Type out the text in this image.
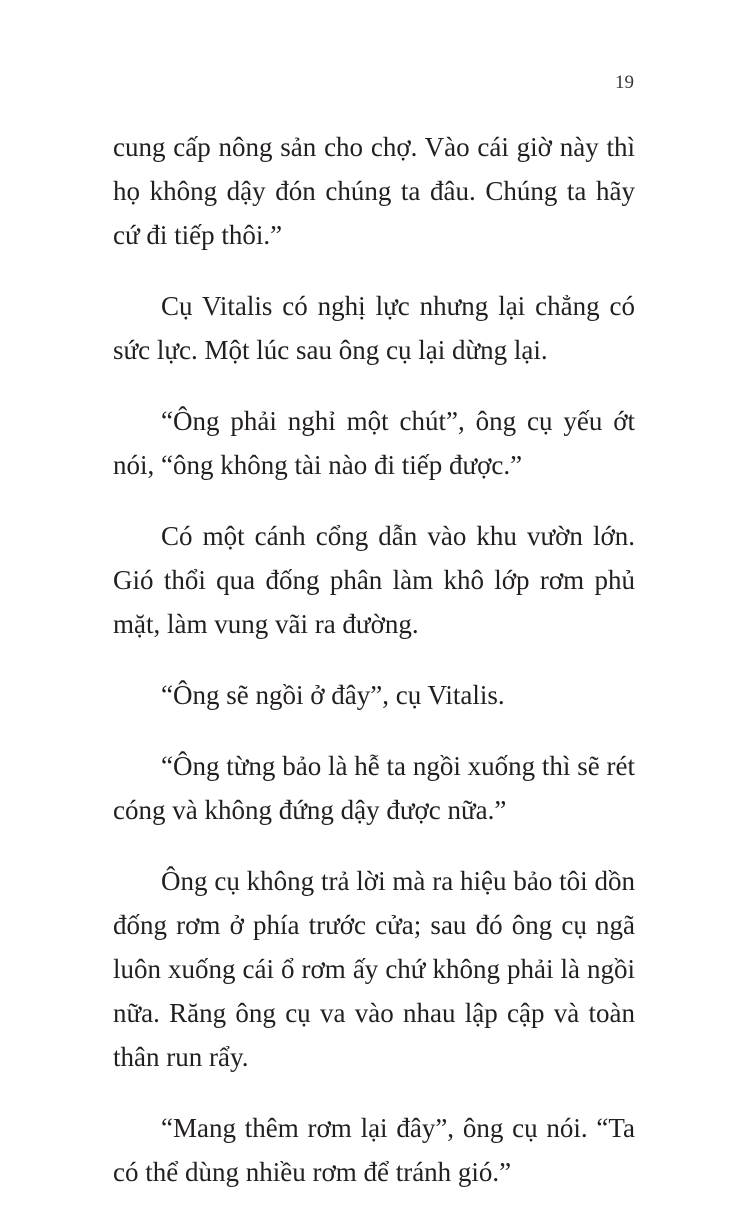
19

cung cấp nông sản cho chợ. Vào cái giờ này thì họ không dậy đón chúng ta đâu. Chúng ta hãy cứ đi tiếp thôi.”

Cụ Vitalis có nghị lực nhưng lại chẳng có sức lực. Một lúc sau ông cụ lại dừng lại.

“Ông phải nghỉ một chút”, ông cụ yếu ớt nói, “ông không tài nào đi tiếp được.”

Có một cánh cổng dẫn vào khu vườn lớn. Gió thổi qua đống phân làm khô lớp rơm phủ mặt, làm vung vãi ra đường.

“Ông sẽ ngồi ở đây”, cụ Vitalis.

“Ông từng bảo là hễ ta ngồi xuống thì sẽ rét cóng và không đứng dậy được nữa.”

Ông cụ không trả lời mà ra hiệu bảo tôi dồn đống rơm ở phía trước cửa; sau đó ông cụ ngã luôn xuống cái ổ rơm ấy chứ không phải là ngồi nữa. Răng ông cụ va vào nhau lập cập và toàn thân run rẩy.

“Mang thêm rơm lại đây”, ông cụ nói. “Ta có thể dùng nhiều rơm để tránh gió.”
